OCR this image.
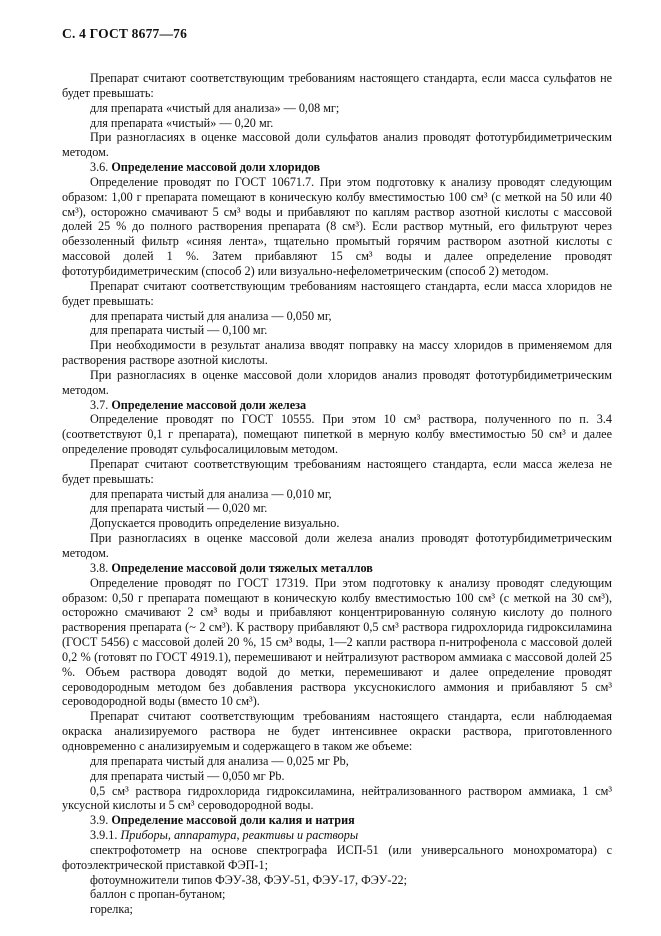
С. 4 ГОСТ 8677—76
Препарат считают соответствующим требованиям настоящего стандарта, если масса сульфатов не будет превышать:
для препарата «чистый для анализа» — 0,08 мг;
для препарата «чистый» — 0,20 мг.
При разногласиях в оценке массовой доли сульфатов анализ проводят фототурбидиметрическим методом.
3.6. Определение массовой доли хлоридов
Определение проводят по ГОСТ 10671.7. При этом подготовку к анализу проводят следующим образом: 1,00 г препарата помещают в коническую колбу вместимостью 100 см³ (с меткой на 50 или 40 см³), осторожно смачивают 5 см³ воды и прибавляют по каплям раствор азотной кислоты с массовой долей 25 % до полного растворения препарата (8 см³). Если раствор мутный, его фильтруют через обеззоленный фильтр «синяя лента», тщательно промытый горячим раствором азотной кислоты с массовой долей 1 %. Затем прибавляют 15 см³ воды и далее определение проводят фототурбидиметрическим (способ 2) или визуально-нефелометрическим (способ 2) методом.
Препарат считают соответствующим требованиям настоящего стандарта, если масса хлоридов не будет превышать:
для препарата чистый для анализа — 0,050 мг,
для препарата чистый — 0,100 мг.
При необходимости в результат анализа вводят поправку на массу хлоридов в применяемом для растворения растворе азотной кислоты.
При разногласиях в оценке массовой доли хлоридов анализ проводят фототурбидиметрическим методом.
3.7. Определение массовой доли железа
Определение проводят по ГОСТ 10555. При этом 10 см³ раствора, полученного по п. 3.4 (соответствуют 0,1 г препарата), помещают пипеткой в мерную колбу вместимостью 50 см³ и далее определение проводят сульфосалициловым методом.
Препарат считают соответствующим требованиям настоящего стандарта, если масса железа не будет превышать:
для препарата чистый для анализа — 0,010 мг,
для препарата чистый — 0,020 мг.
Допускается проводить определение визуально.
При разногласиях в оценке массовой доли железа анализ проводят фототурбидиметрическим методом.
3.8. Определение массовой доли тяжелых металлов
Определение проводят по ГОСТ 17319. При этом подготовку к анализу проводят следующим образом: 0,50 г препарата помещают в коническую колбу вместимостью 100 см³ (с меткой на 30 см³), осторожно смачивают 2 см³ воды и прибавляют концентрированную соляную кислоту до полного растворения препарата (~ 2 см³). К раствору прибавляют 0,5 см³ раствора гидрохлорида гидроксиламина (ГОСТ 5456) с массовой долей 20 %, 15 см³ воды, 1—2 капли раствора п-нитрофенола с массовой долей 0,2 % (готовят по ГОСТ 4919.1), перемешивают и нейтрализуют раствором аммиака с массовой долей 25 %. Объем раствора доводят водой до метки, перемешивают и далее определение проводят сероводородным методом без добавления раствора уксуснокислого аммония и прибавляют 5 см³ сероводородной воды (вместо 10 см³).
Препарат считают соответствующим требованиям настоящего стандарта, если наблюдаемая окраска анализируемого раствора не будет интенсивнее окраски раствора, приготовленного одновременно с анализируемым и содержащего в таком же объеме:
для препарата чистый для анализа — 0,025 мг Pb,
для препарата чистый — 0,050 мг Pb.
0,5 см³ раствора гидрохлорида гидроксиламина, нейтрализованного раствором аммиака, 1 см³ уксусной кислоты и 5 см³ сероводородной воды.
3.9. Определение массовой доли калия и натрия
3.9.1. Приборы, аппаратура, реактивы и растворы
спектрофотометр на основе спектрографа ИСП-51 (или универсального монохроматора) с фотоэлектрической приставкой ФЭП-1;
фотоумножители типов ФЭУ-38, ФЭУ-51, ФЭУ-17, ФЭУ-22;
баллон с пропан-бутаном;
горелка;
